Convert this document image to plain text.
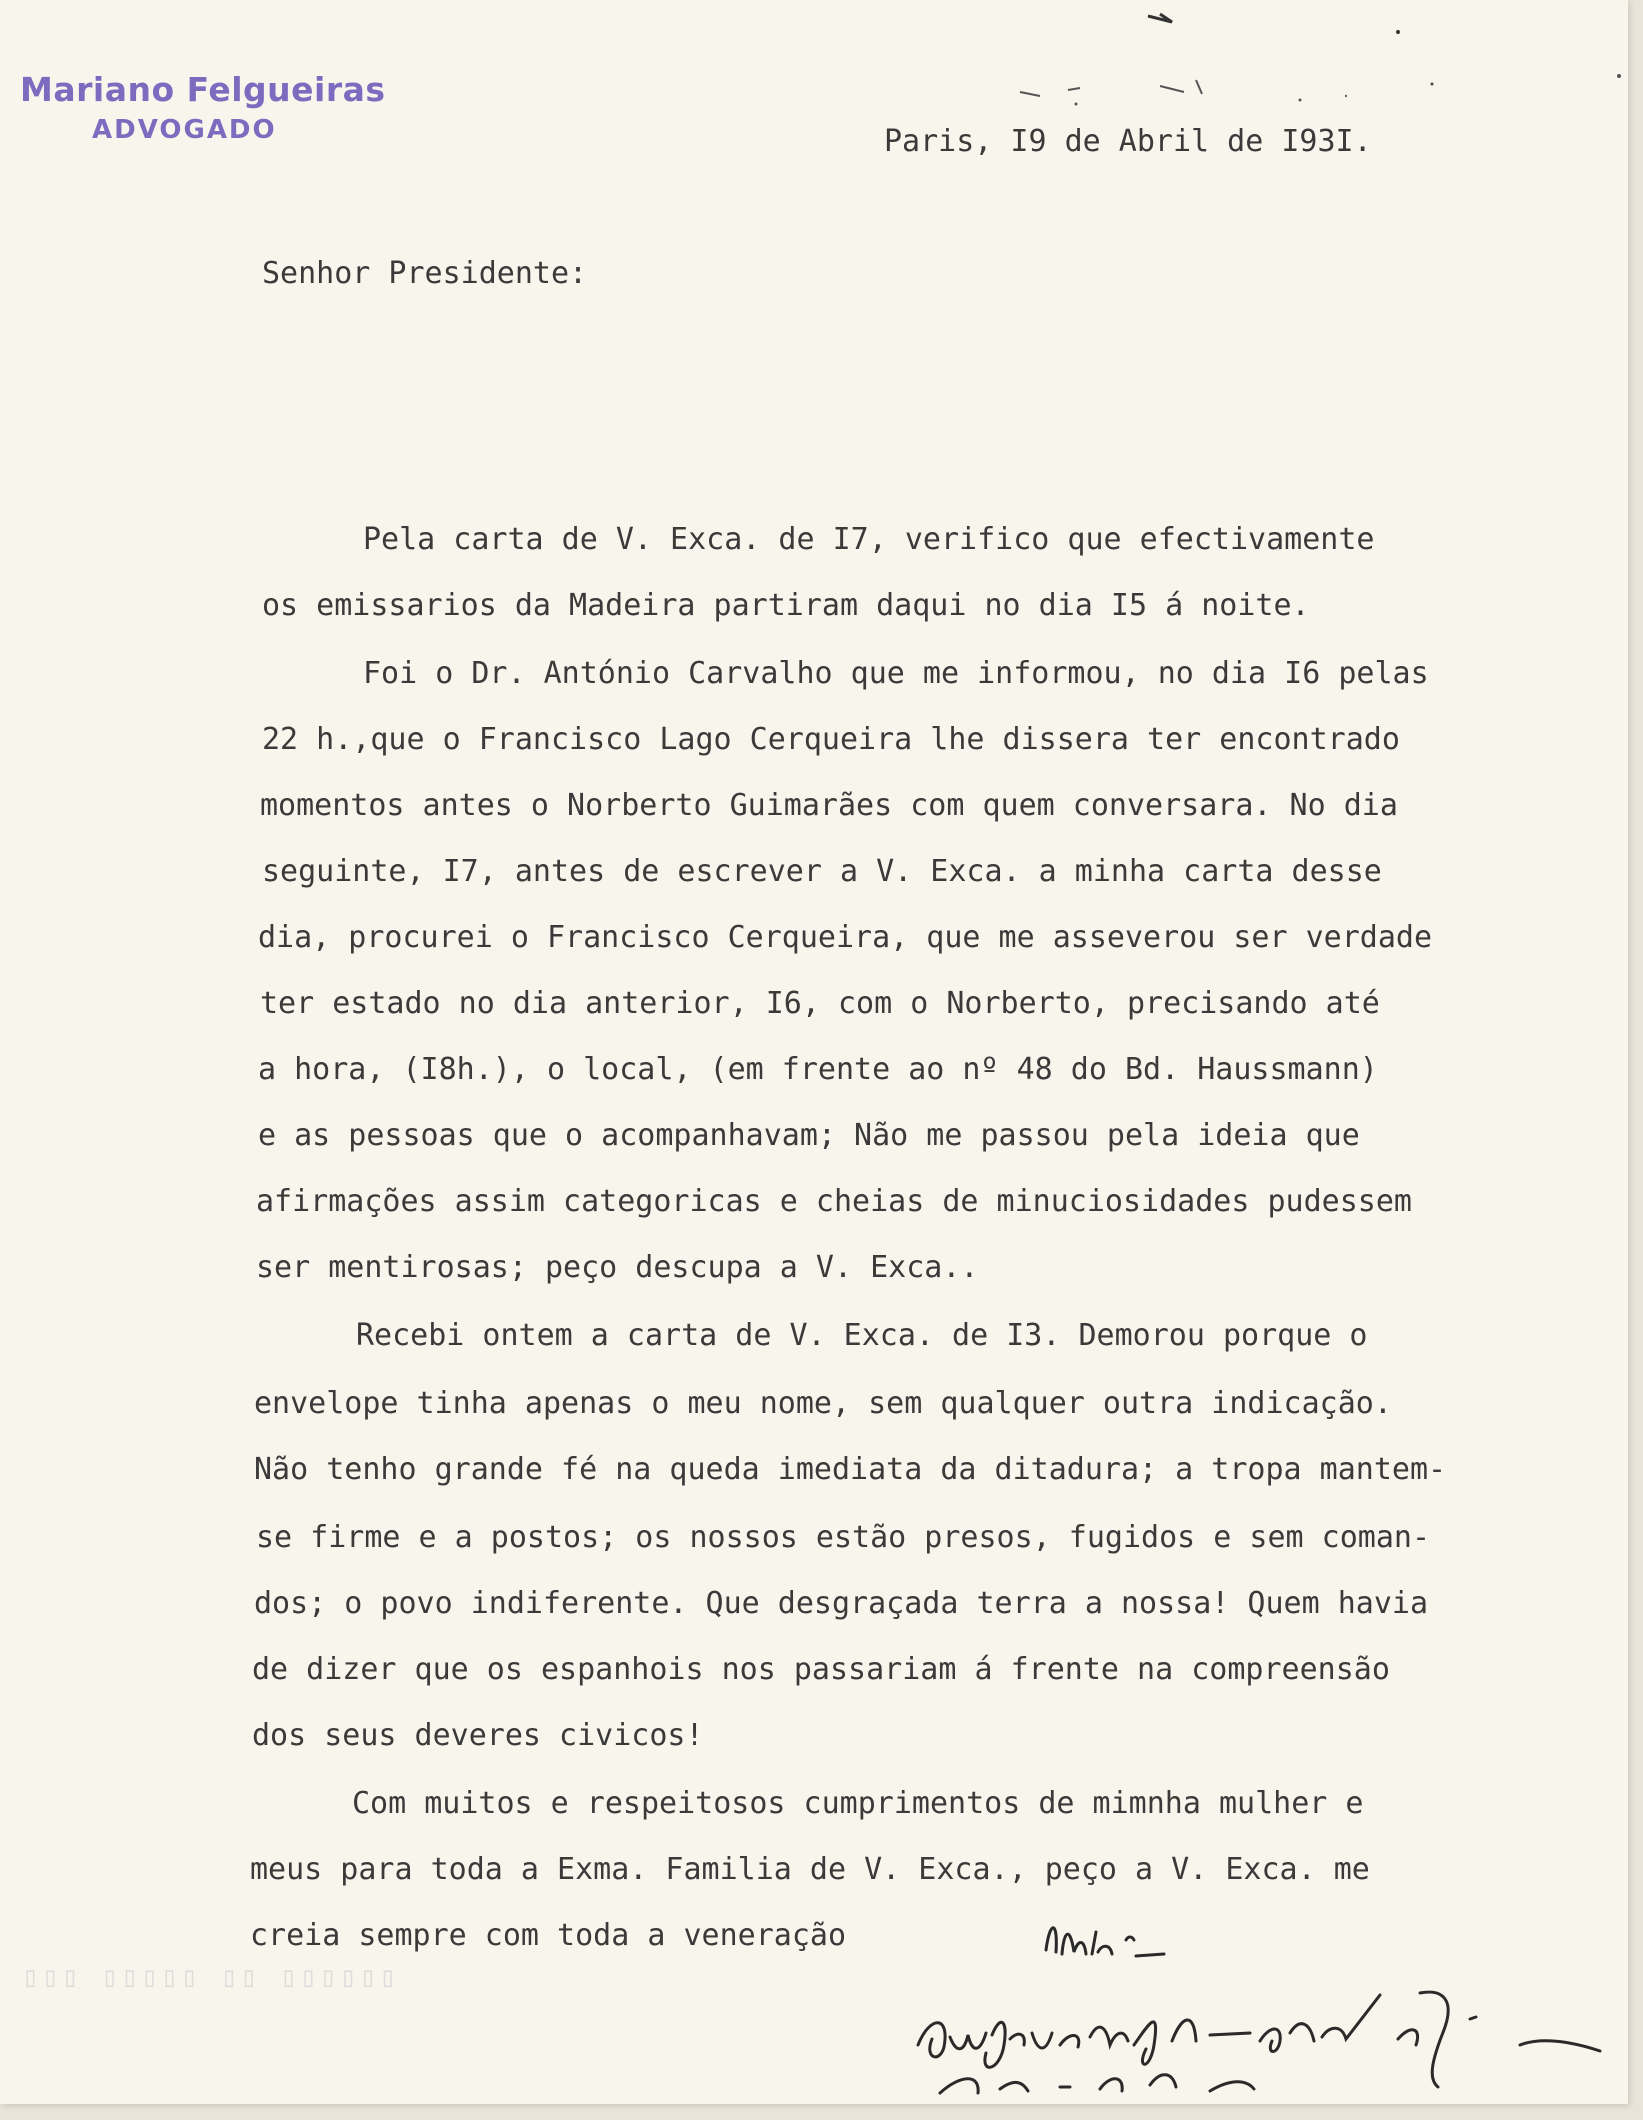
Mariano Felgueiras
ADVOGADO	Paris, I9 de Abril de I93I.
Senhor Presidente:
Pela carta de V. Exca. de I7, verifico que efectivamente
os emissarios da Madeira partiram daqui no dia I5 á noite.
Foi o Dr. António Carvalho que me informou, no dia I6 pelas
22 h.,que o Francisco Lago Cerqueira lhe dissera ter encontrado
momentos antes o Norberto Guimarães com quem conversara. No dia
seguinte, I7, antes de escrever a V. Exca. a minha carta desse
dia, procurei o Francisco Cerqueira, que me asseverou ser verdade
ter estado no dia anterior, I6, com o Norberto, precisando até
a hora, (I8h.), o local, (em frente ao nº 48 do Bd. Haussmann)
e as pessoas que o acompanhavam; Não me passou pela ideia que
afirmações assim categoricas e cheias de minuciosidades pudessem
ser mentirosas; peço descupa a V. Exca..
Recebi ontem a carta de V. Exca. de I3. Demorou porque o
envelope tinha apenas o meu nome, sem qualquer outra indicação.
Não tenho grande fé na queda imediata da ditadura; a tropa mantem-
se firme e a postos; os nossos estão presos, fugidos e sem coman-
dos; o povo indiferente. Que desgraçada terra a nossa! Quem havia
de dizer que os espanhois nos passariam á frente na compreensão
dos seus deveres civicos!
Com muitos e respeitosos cumprimentos de mimnha mulher e
meus para toda a Exma. Familia de V. Exca., peço a V. Exca. me
creia sempre com toda a veneração
▯▯▯ ▯▯▯▯▯ ▯▯ ▯▯▯▯▯▯
